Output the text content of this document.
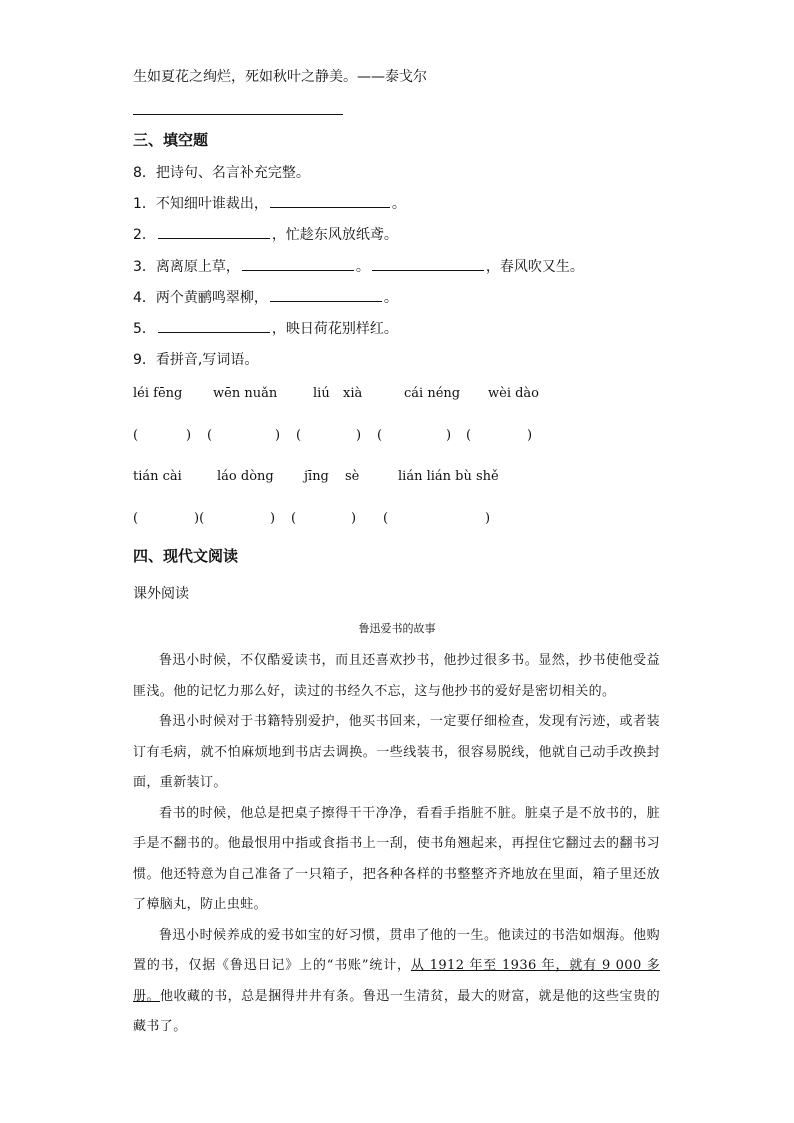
生如夏花之绚烂，死如秋叶之静美。——泰戈尔
三、填空题
8．把诗句、名言补充完整。
1．不知细叶谁裁出，	。
2．	，忙趁东风放纸鸢。
3．离离原上草，	。	，春风吹又生。
4．两个黄鹂鸣翠柳，	。
5．	，映日荷花别样红。
9．看拼音,写词语。
léi fēng wēn nuǎn	liú xià	cái néng wèi dào
(	) (	) (	) (	) (	)
tián cài	láo dòng jīng sè	lián lián bù shě
(	)(	) (	) (	)
四、现代文阅读
课外阅读
鲁迅爱书的故事

鲁迅小时候，不仅酷爱读书，而且还喜欢抄书，他抄过很多书。显然，抄书使他受益匪浅。他的记忆力那么好，读过的书经久不忘，这与他抄书的爱好是密切相关的。

鲁迅小时候对于书籍特别爱护，他买书回来，一定要仔细检查，发现有污迹，或者装订有毛病，就不怕麻烦地到书店去调换。一些线装书，很容易脱线，他就自己动手改换封面，重新装订。

看书的时候，他总是把桌子擦得干干净净，看看手指脏不脏。脏桌子是不放书的，脏手是不翻书的。他最恨用中指或食指书上一刮，使书角翘起来，再捏住它翻过去的翻书习惯。他还特意为自己准备了一只箱子，把各种各样的书整整齐齐地放在里面，箱子里还放了樟脑丸，防止虫蛀。

鲁迅小时候养成的爱书如宝的好习惯，贯串了他的一生。他读过的书浩如烟海。他购置的书，仅据《鲁迅日记》上的“书账”统计，从 1912 年至 1936 年，就有 9 000 多册。他收藏的书，总是捆得井井有条。鲁迅一生清贫，最大的财富，就是他的这些宝贵的藏书了。
